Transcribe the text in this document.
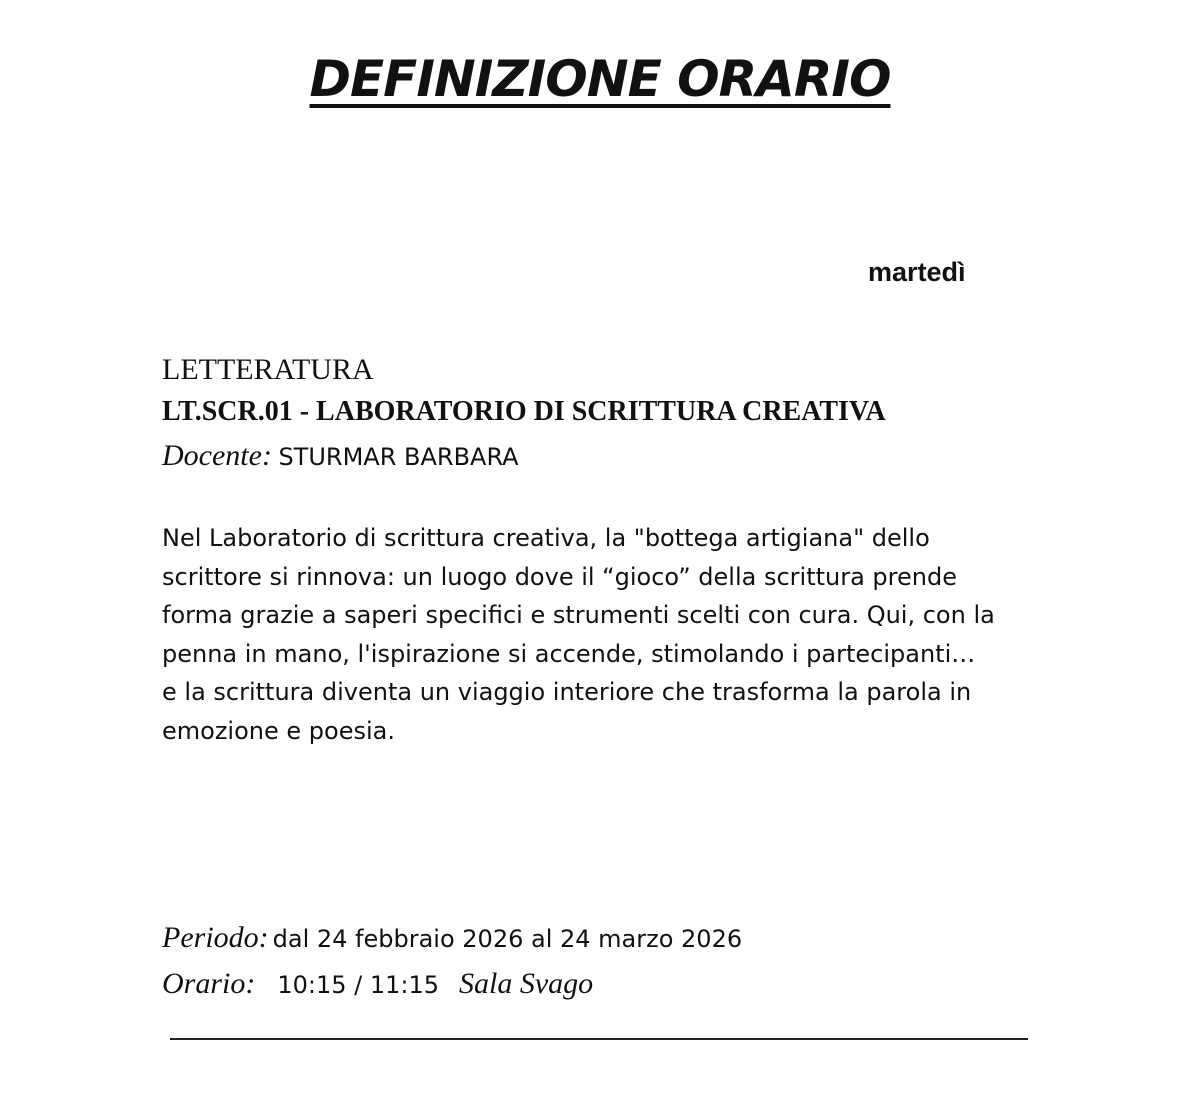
DEFINIZIONE ORARIO
martedì
LETTERATURA
LT.SCR.01 - LABORATORIO DI SCRITTURA CREATIVA
Docente: STURMAR BARBARA

Nel Laboratorio di scrittura creativa, la "bottega artigiana" dello
scrittore si rinnova: un luogo dove il “gioco” della scrittura prende
forma grazie a saperi specifici e strumenti scelti con cura. Qui, con la
penna in mano, l'ispirazione si accende, stimolando i partecipanti…
e la scrittura diventa un viaggio interiore che trasforma la parola in
emozione e poesia.

Periodo: dal 24 febbraio 2026 al 24 marzo 2026
Orario: 10:15 / 11:15 Sala Svago
